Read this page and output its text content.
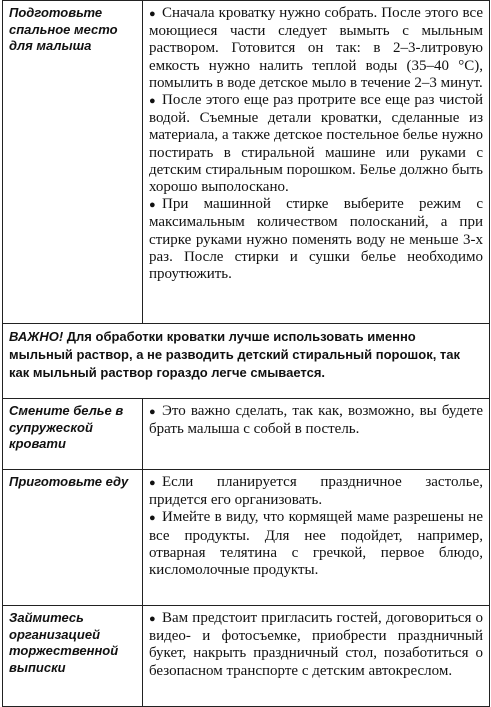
Подготовьте спальное место для малыша	● Сначала кроватку нужно собрать. После этого все моющиеся части следует вымыть с мыльным раствором. Готовится он так: в 2–3-литровую емкость нужно налить теплой воды (35–40 °С), помылить в воде детское мыло в течение 2–3 минут.

● После этого еще раз протрите все еще раз чистой водой. Съемные детали кроватки, сделанные из материала, а также детское постельное белье нужно постирать в стиральной машине или руками с детским стиральным порошком. Белье должно быть хорошо выполоскано.

● При машинной стирке выберите режим с максимальным количеством полосканий, а при стирке руками нужно поменять воду не меньше 3-х раз. После стирки и сушки белье необходимо проутюжить.

ВАЖНО! Для обработки кроватки лучше использовать именно мыльный раствор, а не разводить детский стиральный порошок, так как мыльный раствор гораздо легче смывается.	
Смените белье в супружеской кровати	● Это важно сделать, так как, возможно, вы будете брать малыша с собой в постель.

Приготовьте еду	● Если планируется праздничное застолье, придется его организовать.

● Имейте в виду, что кормящей маме разрешены не все продукты. Для нее подойдет, например, отварная телятина с гречкой, первое блюдо, кисломолочные продукты.

Займитесь организацией торжественной выписки	● Вам предстоит пригласить гостей, договориться о видео- и фотосъемке, приобрести праздничный букет, накрыть праздничный стол, позаботиться о безопасном транспорте с детским автокреслом.
